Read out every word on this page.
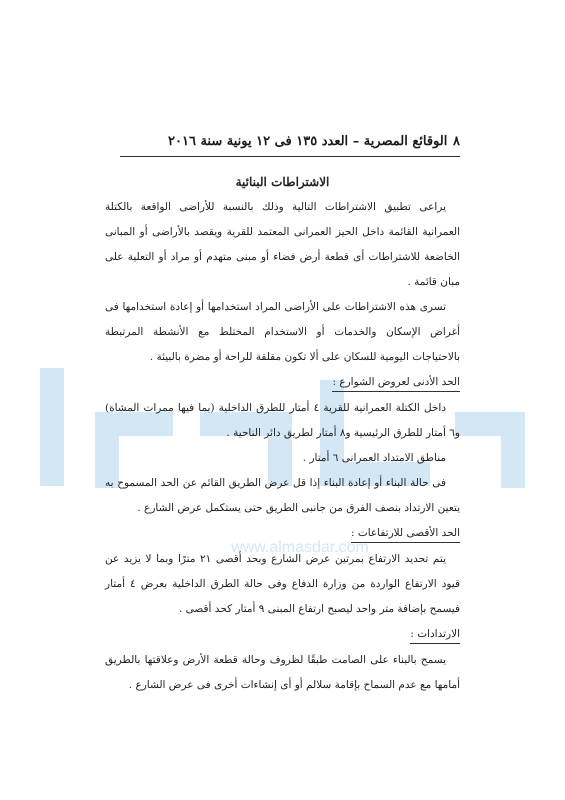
www.almasdar.com
٨
الوقائع المصرية – العدد ١٣٥ فى ١٢ يونية سنة ٢٠١٦

الاشتراطات البنائية

يراعى تطبيق الاشتراطات التالية وذلك بالنسبة للأراضى الواقعة بالكتلة العمرانية القائمة داخل الحيز العمرانى المعتمد للقرية ويقصد بالأراضى أو المبانى الخاضعة للاشتراطات أى قطعة أرض فضاء أو مبنى متهدم أو مراد أو التعلية على مبان قائمة .

تسرى هذه الاشتراطات على الأراضى المراد استخدامها أو إعادة استخدامها فى أغراض الإسكان والخدمات أو الاستخدام المختلط مع الأنشطة المرتبطة بالاحتياجات اليومية للسكان على ألا تكون مقلقة للراحة أو مضرة بالبيئة .

الحد الأدنى لعروض الشوارع :

داخل الكتلة العمرانية للقرية ٤ أمتار للطرق الداخلية (بما فيها ممرات المشاة) و٦ أمتار للطرق الرئيسية و٨ أمتار لطريق دائر الناحية .

مناطق الامتداد العمرانى ٦ أمتار .

فى حالة البناء أو إعادة البناء إذا قل عرض الطريق القائم عن الحد المسموح به يتعين الارتداد بنصف الفرق من جانبى الطريق حتى يستكمل عرض الشارع .

الحد الأقصى للارتفاعات :

يتم تحديد الارتفاع بمرتين عرض الشارع وبحد أقصى ٢١ مترًا وبما لا يزيد عن قيود الارتفاع الواردة من وزارة الدفاع وفى حالة الطرق الداخلية بعرض ٤ أمتار فيسمح بإضافة متر واحد ليصبح ارتفاع المبنى ٩ أمتار كحد أقصى .

الارتدادات :

يسمح بالبناء على الصامت طبقًا لظروف وحالة قطعة الأرض وعلاقتها بالطريق أمامها مع عدم السماح بإقامة سلالم أو أى إنشاءات أخرى فى عرض الشارع .
